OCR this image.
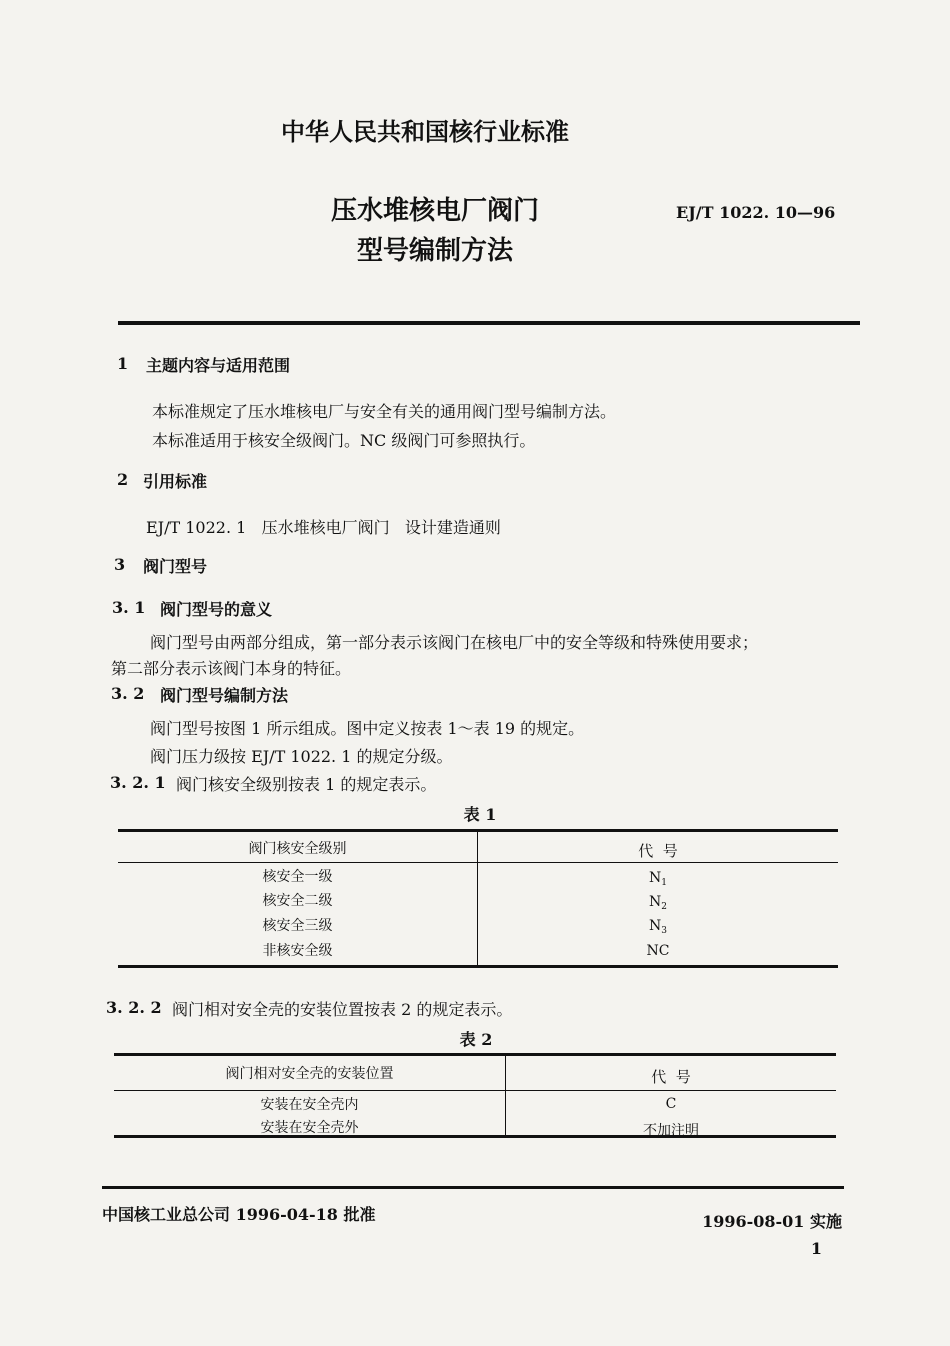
中华人民共和国核行业标准
压水堆核电厂阀门
型号编制方法
EJ/T 1022. 10—96
1 主题内容与适用范围
本标准规定了压水堆核电厂与安全有关的通用阀门型号编制方法。
本标准适用于核安全级阀门。NC 级阀门可参照执行。
2 引用标准
EJ/T 1022. 1   压水堆核电厂阀门   设计建造通则
3 阀门型号
3. 1 阀门型号的意义
阀门型号由两部分组成，第一部分表示该阀门在核电厂中的安全等级和特殊使用要求；
第二部分表示该阀门本身的特征。
3. 2 阀门型号编制方法
阀门型号按图 1 所示组成。图中定义按表 1～表 19 的规定。
阀门压力级按 EJ/T 1022. 1 的规定分级。
3. 2. 1 阀门核安全级别按表 1 的规定表示。
表 1
阀门核安全级别	代  号
核安全一级	$N_1$
核安全二级	$N_2$
核安全三级	$N_3$
非核安全级	NC
3. 2. 2 阀门相对安全壳的安装位置按表 2 的规定表示。
表 2
阀门相对安全壳的安装位置	代  号
安装在安全壳内	C
安装在安全壳外	不加注明
中国核工业总公司 1996-04-18 批准	1996-08-01 实施
1
